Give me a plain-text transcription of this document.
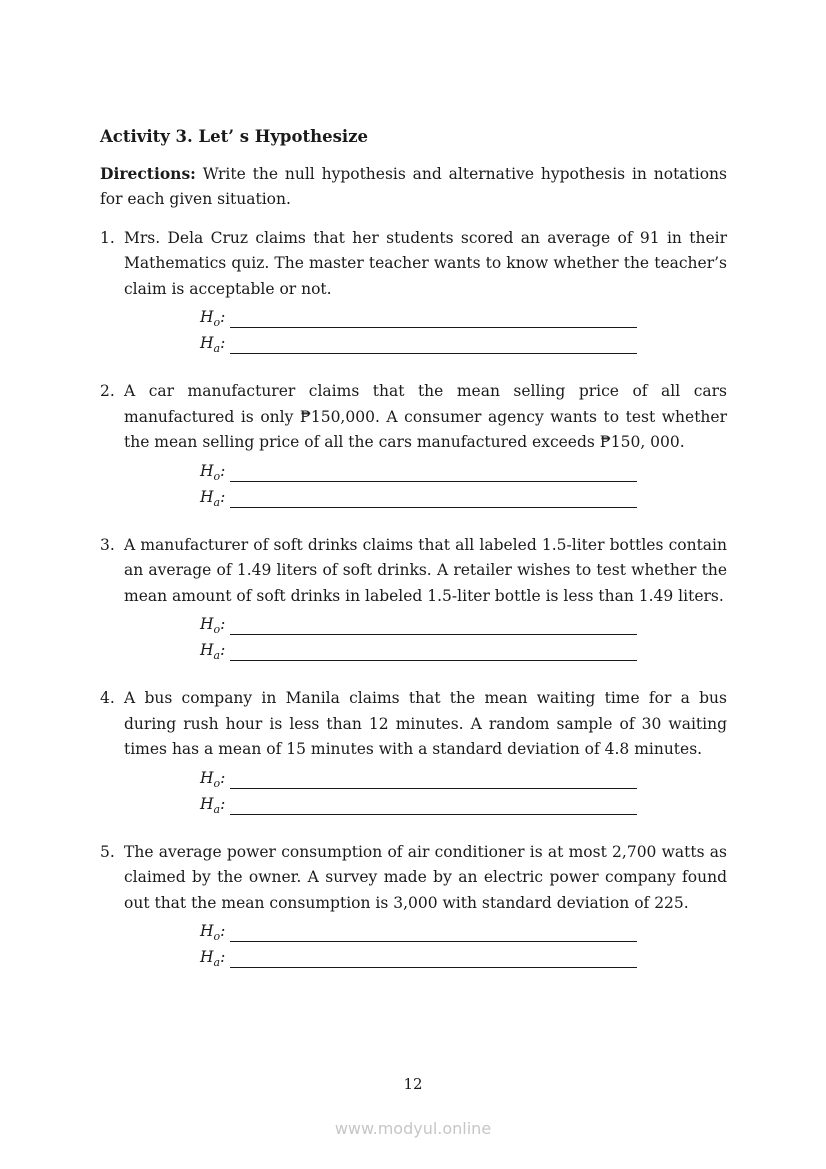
Activity 3. Let’ s Hypothesize

Directions: Write the null hypothesis and alternative hypothesis in notations for each given situation.

1. Mrs. Dela Cruz claims that her students scored an average of 91 in their Mathematics quiz. The master teacher wants to know whether the teacher’s claim is acceptable or not.

$H_o$:
$H_a$:
2. A car manufacturer claims that the mean selling price of all cars manufactured is only ₱150,000. A consumer agency wants to test whether the mean selling price of all the cars manufactured exceeds ₱150, 000.

$H_o$:
$H_a$:
3. A manufacturer of soft drinks claims that all labeled 1.5-liter bottles contain an average of 1.49 liters of soft drinks. A retailer wishes to test whether the mean amount of soft drinks in labeled 1.5-liter bottle is less than 1.49 liters.

$H_o$:
$H_a$:
4. A bus company in Manila claims that the mean waiting time for a bus during rush hour is less than 12 minutes. A random sample of 30 waiting times has a mean of 15 minutes with a standard deviation of 4.8 minutes.

$H_o$:
$H_a$:
5. The average power consumption of air conditioner is at most 2,700 watts as claimed by the owner. A survey made by an electric power company found out that the mean consumption is 3,000 with standard deviation of 225.

$H_o$:
$H_a$:
12
www.modyul.online
